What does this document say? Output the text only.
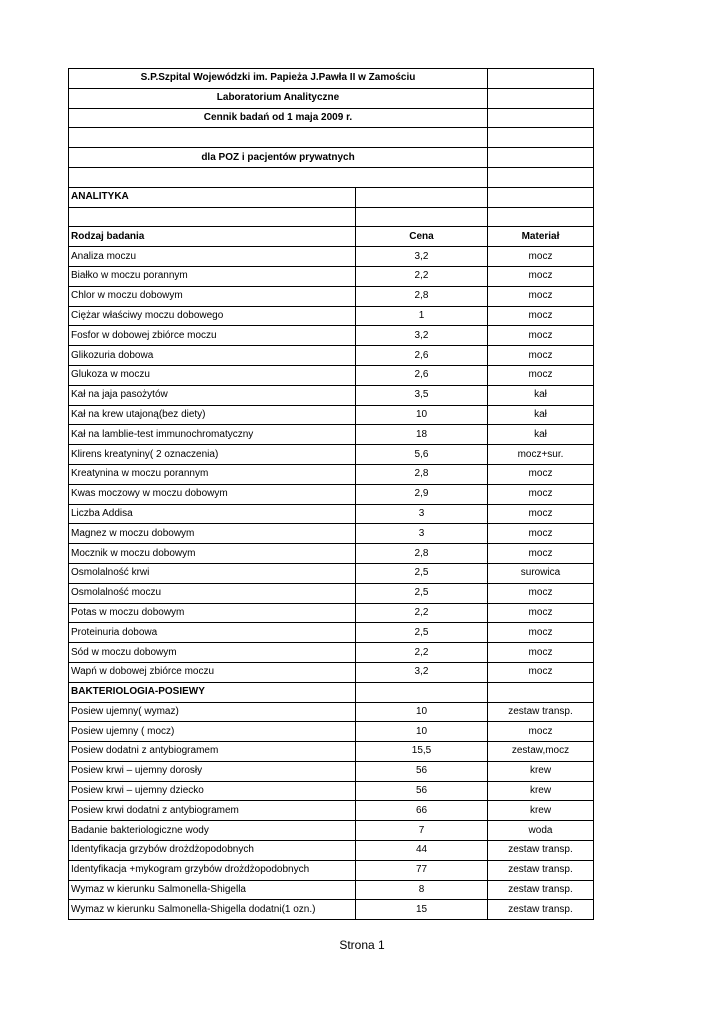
S.P.Szpital Wojewódzki im. Papieża J.Pawła II w Zamościu		
Laboratorium Analityczne		
Cennik badań od 1 maja 2009 r.		

dla POZ i pacjentów prywatnych		

ANALITYKA		

Rodzaj badania	Cena	Materiał
Analiza moczu	3,2	mocz
Białko w moczu porannym	2,2	mocz
Chlor w moczu dobowym	2,8	mocz
Ciężar właściwy moczu dobowego	1	mocz
Fosfor w dobowej zbiórce moczu	3,2	mocz
Glikozuria dobowa	2,6	mocz
Glukoza w moczu	2,6	mocz
Kał na jaja pasożytów	3,5	kał
Kał na krew utajoną(bez diety)	10	kał
Kał na lamblie-test immunochromatyczny	18	kał
Klirens kreatyniny( 2 oznaczenia)	5,6	mocz+sur.
Kreatynina w moczu porannym	2,8	mocz
Kwas moczowy w moczu dobowym	2,9	mocz
Liczba Addisa	3	mocz
Magnez w moczu dobowym	3	mocz
Mocznik w moczu dobowym	2,8	mocz
Osmolalność krwi	2,5	surowica
Osmolalność moczu	2,5	mocz
Potas w moczu dobowym	2,2	mocz
Proteinuria dobowa	2,5	mocz
Sód w moczu dobowym	2,2	mocz
Wapń w dobowej zbiórce moczu	3,2	mocz
BAKTERIOLOGIA-POSIEWY		
Posiew ujemny( wymaz)	10	zestaw transp.
Posiew ujemny ( mocz)	10	mocz
Posiew dodatni z antybiogramem	15,5	zestaw,mocz
Posiew krwi – ujemny dorosły	56	krew
Posiew krwi – ujemny dziecko	56	krew
Posiew krwi dodatni z antybiogramem	66	krew
Badanie bakteriologiczne wody	7	woda
Identyfikacja grzybów drożdżopodobnych	44	zestaw transp.
Identyfikacja +mykogram grzybów drożdżopodobnych	77	zestaw transp.
Wymaz w kierunku Salmonella-Shigella	8	zestaw transp.
Wymaz w kierunku Salmonella-Shigella dodatni(1 ozn.)	15	zestaw transp.
Strona 1
